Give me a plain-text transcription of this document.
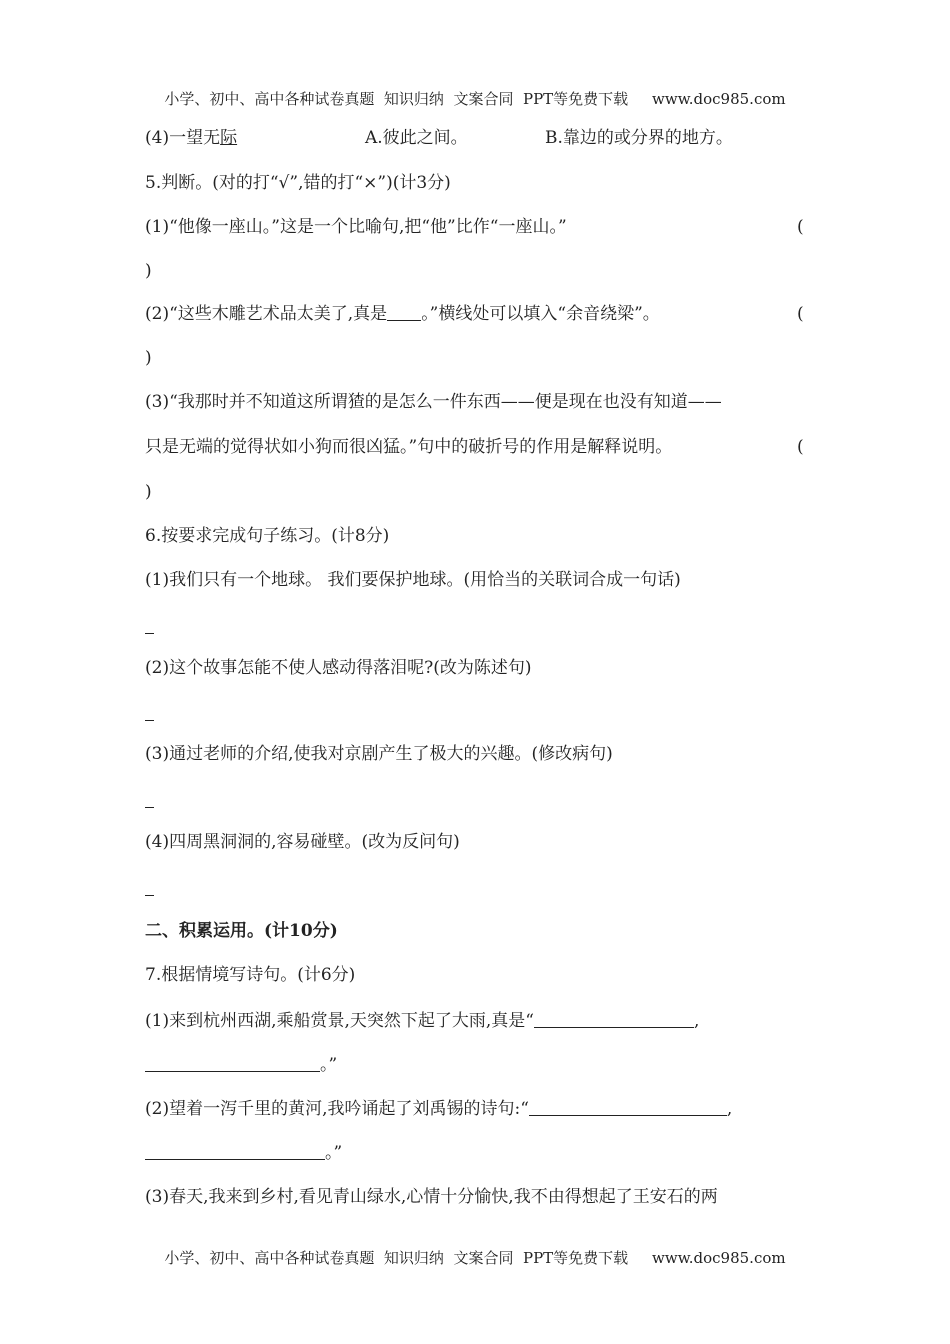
小学、初中、高中各种试卷真题  知识归纳  文案合同  PPT等免费下载     www.doc985.com
(4)一望无际	A.彼此之间。	B.靠边的或分界的地方。
5.判断。(对的打“√”,错的打“×”)(计3分)
(1)“他像一座山。”这是一个比喻句,把“他”比作“一座山。”	(
)
(2)“这些木雕艺术品太美了,真是 。”横线处可以填入“余音绕梁”。	(
)
(3)“我那时并不知道这所谓猹的是怎么一件东西——便是现在也没有知道——
只是无端的觉得状如小狗而很凶猛。”句中的破折号的作用是解释说明。	(
)
6.按要求完成句子练习。(计8分)
(1)我们只有一个地球。 我们要保护地球。(用恰当的关联词合成一句话)
(2)这个故事怎能不使人感动得落泪呢?(改为陈述句)
(3)通过老师的介绍,使我对京剧产生了极大的兴趣。(修改病句)
(4)四周黑洞洞的,容易碰壁。(改为反问句)
二、积累运用。(计10分)
7.根据情境写诗句。(计6分)
(1)来到杭州西湖,乘船赏景,天突然下起了大雨,真是“	,
。”
(2)望着一泻千里的黄河,我吟诵起了刘禹锡的诗句:“	,
。”
(3)春天,我来到乡村,看见青山绿水,心情十分愉快,我不由得想起了王安石的两
小学、初中、高中各种试卷真题  知识归纳  文案合同  PPT等免费下载     www.doc985.com
